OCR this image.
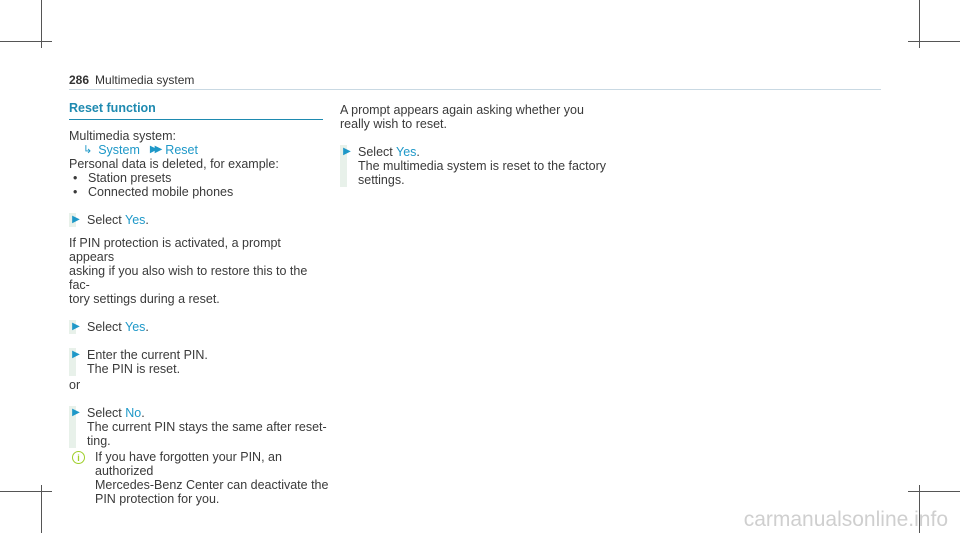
286 Multimedia system
Reset function

Multimedia system:

↳ System ▶▶ Reset

Personal data is deleted, for example:

• Station presets
• Connected mobile phones
▶ Select Yes.

If PIN protection is activated, a prompt appears

asking if you also wish to restore this to the fac-

tory settings during a reset.

▶ Select Yes.
▶ Enter the current PIN.

The PIN is reset.

or

▶ Select No.

The current PIN stays the same after reset-

ting.

i	If you have forgotten your PIN, an authorized

Mercedes-Benz Center can deactivate the

PIN protection for you.

A prompt appears again asking whether you

really wish to reset.

▶ Select Yes.

The multimedia system is reset to the factory

settings.

carmanualsonline.info
